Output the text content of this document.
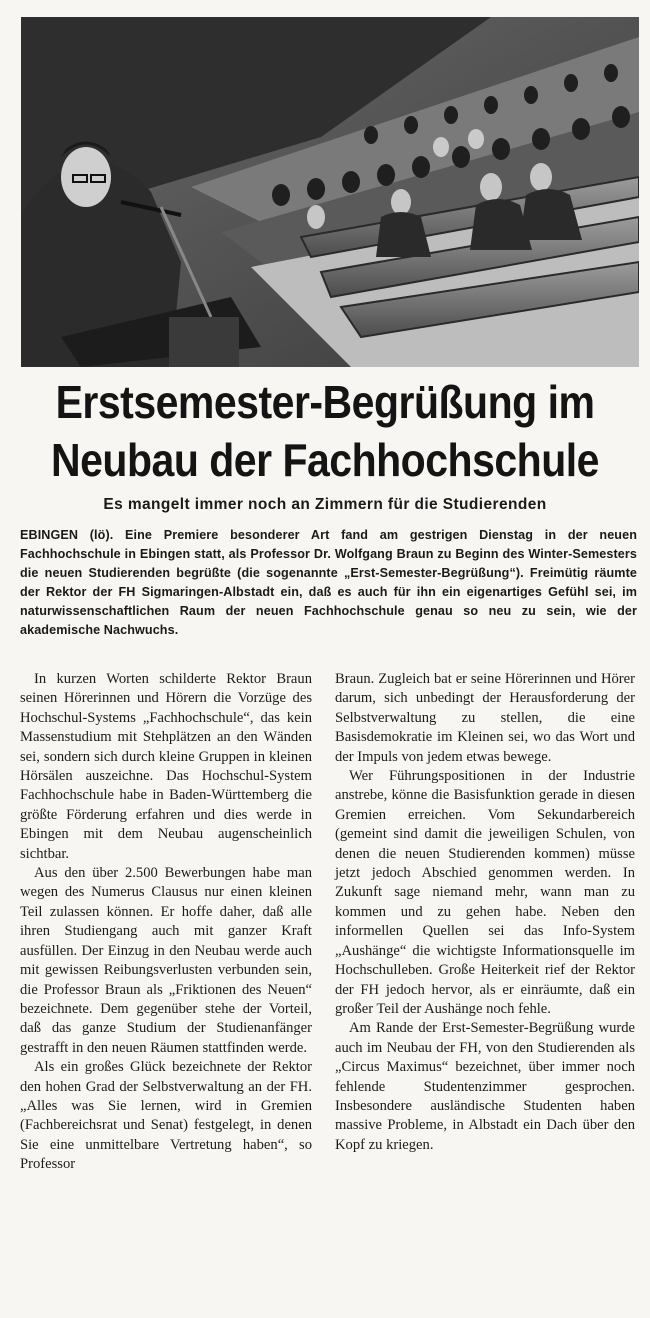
Erstsemester-Begrüßung im Neubau der Fachhochschule
Es mangelt immer noch an Zimmern für die Studierenden

EBINGEN (lö). Eine Premiere besonderer Art fand am gestrigen Dienstag in der neuen Fachhochschule in Ebingen statt, als Professor Dr. Wolfgang Braun zu Beginn des Winter-Semesters die neuen Studierenden begrüßte (die sogenannte „Erst-Semester-Begrüßung“). Freimütig räumte der Rektor der FH Sigmaringen-Albstadt ein, daß es auch für ihn ein eigenartiges Gefühl sei, im naturwissenschaftlichen Raum der neuen Fachhochschule genau so neu zu sein, wie der akademische Nachwuchs.

In kurzen Worten schilderte Rektor Braun seinen Hörerinnen und Hörern die Vorzüge des Hochschul-Systems „Fachhochschule“, das kein Massenstudium mit Stehplätzen an den Wänden sei, sondern sich durch kleine Gruppen in kleinen Hörsälen auszeichne. Das Hochschul-System Fachhochschule habe in Baden-Württemberg die größte Förderung erfahren und dies werde in Ebingen mit dem Neubau augenscheinlich sichtbar.

Aus den über 2.500 Bewerbungen habe man wegen des Numerus Clausus nur einen kleinen Teil zulassen können. Er hoffe daher, daß alle ihren Studiengang auch mit ganzer Kraft ausfüllen. Der Einzug in den Neubau werde auch mit gewissen Reibungsverlusten verbunden sein, die Professor Braun als „Friktionen des Neuen“ bezeichnete. Dem gegenüber stehe der Vorteil, daß das ganze Studium der Studienanfänger gestrafft in den neuen Räumen stattfinden werde.

Als ein großes Glück bezeichnete der Rektor den hohen Grad der Selbstverwaltung an der FH. „Alles was Sie lernen, wird in Gremien (Fachbereichsrat und Senat) festgelegt, in denen Sie eine unmittelbare Vertretung haben“, so Professor

Braun. Zugleich bat er seine Hörerinnen und Hörer darum, sich unbedingt der Herausforderung der Selbstverwaltung zu stellen, die eine Basisdemokratie im Kleinen sei, wo das Wort und der Impuls von jedem etwas bewege.

Wer Führungspositionen in der Industrie anstrebe, könne die Basisfunktion gerade in diesen Gremien erreichen. Vom Sekundarbereich (gemeint sind damit die jeweiligen Schulen, von denen die neuen Studierenden kommen) müsse jetzt jedoch Abschied genommen werden. In Zukunft sage niemand mehr, wann man zu kommen und zu gehen habe. Neben den informellen Quellen sei das Info-System „Aushänge“ die wichtigste Informationsquelle im Hochschulleben. Große Heiterkeit rief der Rektor der FH jedoch hervor, als er einräumte, daß ein großer Teil der Aushänge noch fehle.

Am Rande der Erst-Semester-Begrüßung wurde auch im Neubau der FH, von den Studierenden als „Circus Maximus“ bezeichnet, über immer noch fehlende Studentenzimmer gesprochen. Insbesondere ausländische Studenten haben massive Probleme, in Albstadt ein Dach über den Kopf zu kriegen.
